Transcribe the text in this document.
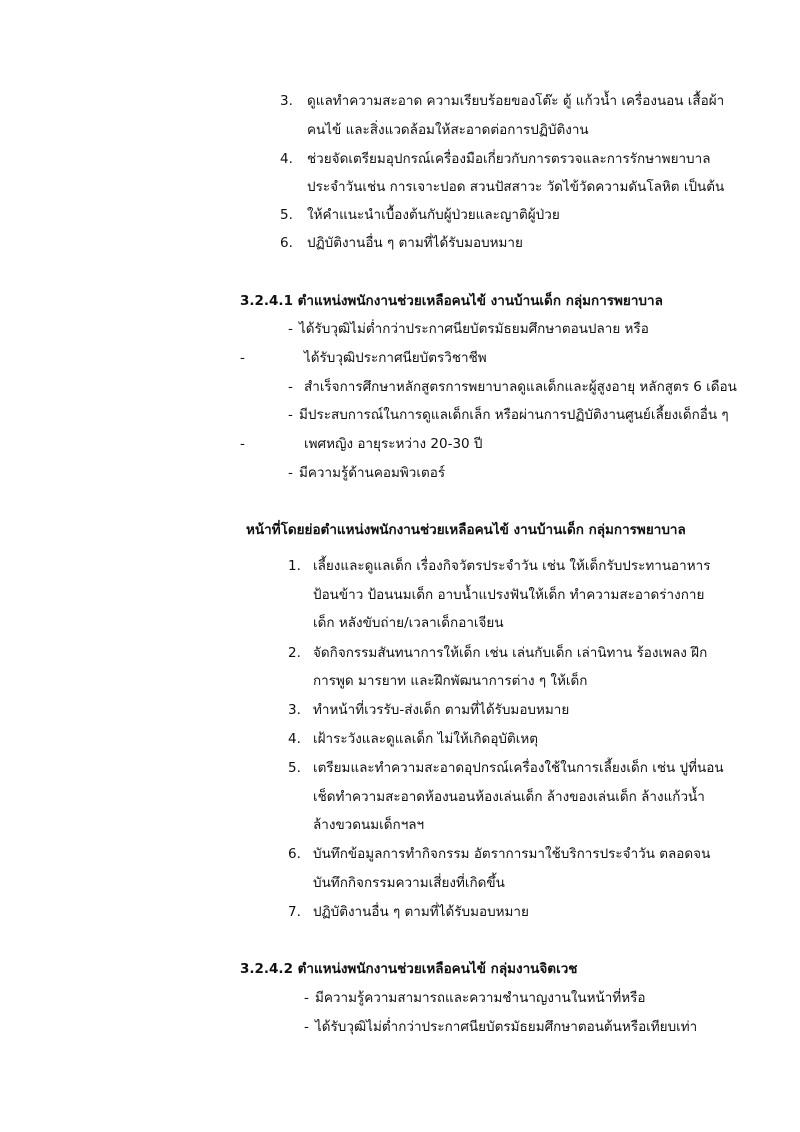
3. ดูแลทำความสะอาด ความเรียบร้อยของโต๊ะ ตู้ แก้วน้ำ เครื่องนอน เสื้อผ้า
คนไข้ และสิ่งแวดล้อมให้สะอาดต่อการปฏิบัติงาน
4. ช่วยจัดเตรียมอุปกรณ์เครื่องมือเกี่ยวกับการตรวจและการรักษาพยาบาล
ประจำวันเช่น การเจาะปอด สวนปัสสาวะ วัดไข้วัดความดันโลหิต เป็นต้น
5. ให้คำแนะนำเบื้องต้นกับผู้ป่วยและญาติผู้ป่วย
6. ปฏิบัติงานอื่น ๆ ตามที่ได้รับมอบหมาย
3.2.4.1 ตำแหน่งพนักงานช่วยเหลือคนไข้ งานบ้านเด็ก กลุ่มการพยาบาล
- ได้รับวุฒิไม่ต่ำกว่าประกาศนียบัตรมัธยมศึกษาตอนปลาย หรือ
-	ได้รับวุฒิประกาศนียบัตรวิชาชีพ
- สำเร็จการศึกษาหลักสูตรการพยาบาลดูแลเด็กและผู้สูงอายุ หลักสูตร 6 เดือน
- มีประสบการณ์ในการดูแลเด็กเล็ก หรือผ่านการปฏิบัติงานศูนย์เลี้ยงเด็กอื่น ๆ
-	เพศหญิง อายุระหว่าง 20-30 ปี
- มีความรู้ด้านคอมพิวเตอร์
หน้าที่โดยย่อตำแหน่งพนักงานช่วยเหลือคนไข้ งานบ้านเด็ก กลุ่มการพยาบาล
1. เลี้ยงและดูแลเด็ก เรื่องกิจวัตรประจำวัน เช่น ให้เด็กรับประทานอาหาร
ป้อนข้าว ป้อนนมเด็ก อาบน้ำแปรงฟันให้เด็ก ทำความสะอาดร่างกาย
เด็ก หลังขับถ่าย/เวลาเด็กอาเจียน
2. จัดกิจกรรมสันทนาการให้เด็ก เช่น เล่นกับเด็ก เล่านิทาน ร้องเพลง ฝึก
การพูด มารยาท และฝึกพัฒนาการต่าง ๆ ให้เด็ก
3. ทำหน้าที่เวรรับ-ส่งเด็ก ตามที่ได้รับมอบหมาย
4. เฝ้าระวังและดูแลเด็ก ไม่ให้เกิดอุบัติเหตุ
5. เตรียมและทำความสะอาดอุปกรณ์เครื่องใช้ในการเลี้ยงเด็ก เช่น ปูที่นอน
เช็ดทำความสะอาดห้องนอนห้องเล่นเด็ก ล้างของเล่นเด็ก ล้างแก้วน้ำ
ล้างขวดนมเด็กฯลฯ
6. บันทึกข้อมูลการทำกิจกรรม อัตราการมาใช้บริการประจำวัน ตลอดจน
บันทึกกิจกรรมความเสี่ยงที่เกิดขึ้น
7. ปฏิบัติงานอื่น ๆ ตามที่ได้รับมอบหมาย
3.2.4.2 ตำแหน่งพนักงานช่วยเหลือคนไข้ กลุ่มงานจิตเวช
- มีความรู้ความสามารถและความชำนาญงานในหน้าที่หรือ
- ได้รับวุฒิไม่ต่ำกว่าประกาศนียบัตรมัธยมศึกษาตอนต้นหรือเทียบเท่า
